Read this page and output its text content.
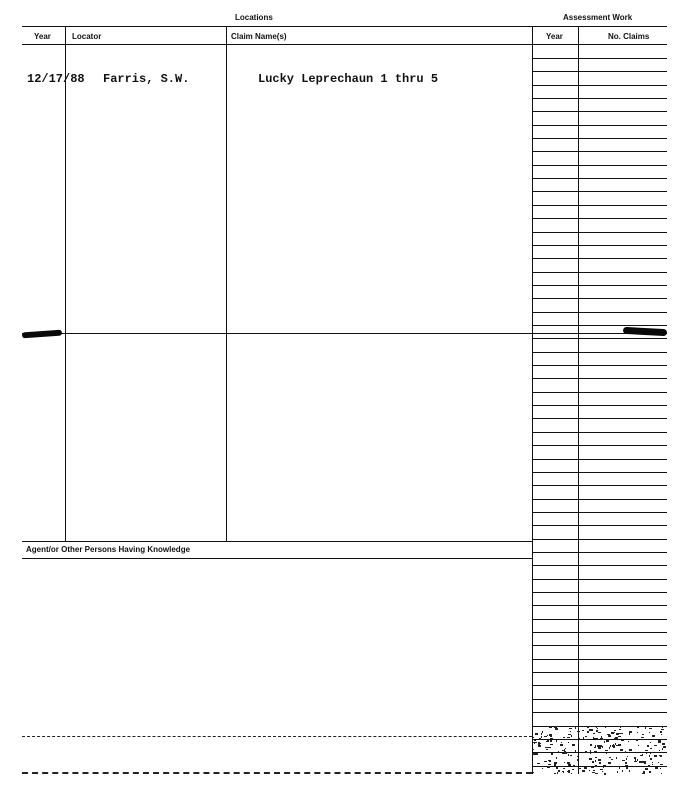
Locations	Assessment Work
Year	Locator	Claim Name(s)	Year	No. Claims
12/17/88 Farris, S.W.	Lucky Leprechaun 1 thru 5
Agent/or Other Persons Having Knowledge
